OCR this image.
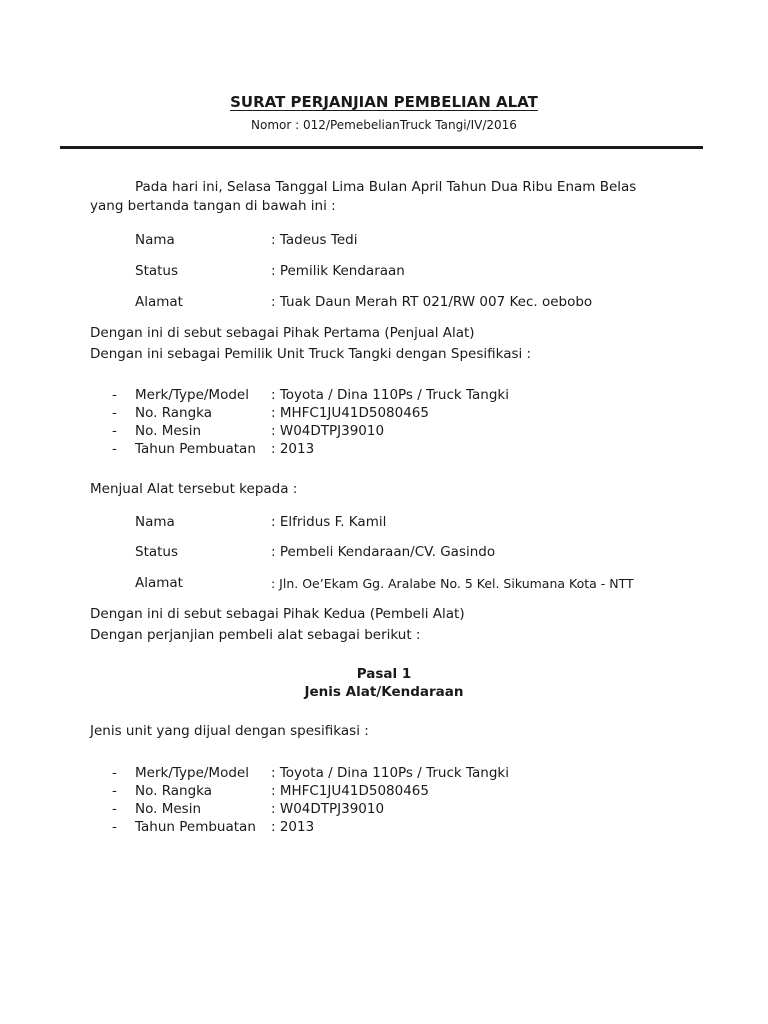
SURAT PERJANJIAN PEMBELIAN ALAT
Nomor : 012/PemebelianTruck Tangi/IV/2016
Pada hari ini, Selasa Tanggal Lima Bulan April Tahun Dua Ribu Enam Belas
yang bertanda tangan di bawah ini :
Nama	: Tadeus Tedi
Status	: Pemilik Kendaraan
Alamat	: Tuak Daun Merah RT 021/RW 007 Kec. oebobo
Dengan ini di sebut sebagai Pihak Pertama (Penjual Alat)
Dengan ini sebagai Pemilik Unit Truck Tangki dengan Spesifikasi :
- Merk/Type/Model : Toyota / Dina 110Ps / Truck Tangki
- No. Rangka	: MHFC1JU41D5080465
- No. Mesin	: W04DTPJ39010
- Tahun Pembuatan : 2013
Menjual Alat tersebut kepada :
Nama	: Elfridus F. Kamil
Status	: Pembeli Kendaraan/CV. Gasindo
Alamat	: Jln. Oe’Ekam Gg. Aralabe No. 5 Kel. Sikumana Kota - NTT
Dengan ini di sebut sebagai Pihak Kedua (Pembeli Alat)
Dengan perjanjian pembeli alat sebagai berikut :
Pasal 1
Jenis Alat/Kendaraan
Jenis unit yang dijual dengan spesifikasi :
- Merk/Type/Model : Toyota / Dina 110Ps / Truck Tangki
- No. Rangka	: MHFC1JU41D5080465
- No. Mesin	: W04DTPJ39010
- Tahun Pembuatan : 2013
